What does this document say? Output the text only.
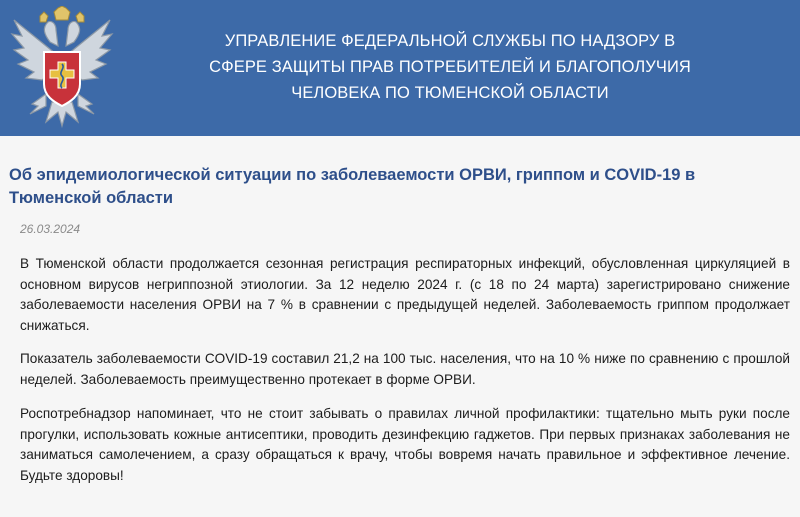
УПРАВЛЕНИЕ ФЕДЕРАЛЬНОЙ СЛУЖБЫ ПО НАДЗОРУ В
СФЕРЕ ЗАЩИТЫ ПРАВ ПОТРЕБИТЕЛЕЙ И БЛАГОПОЛУЧИЯ
ЧЕЛОВЕКА ПО ТЮМЕНСКОЙ ОБЛАСТИ
Об эпидемиологической ситуации по заболеваемости ОРВИ, гриппом и COVID-19 в Тюменской области
26.03.2024
В Тюменской области продолжается сезонная регистрация респираторных инфекций, обусловленная циркуляцией в основном вирусов негриппозной этиологии. За 12 неделю 2024 г. (с 18 по 24 марта) зарегистрировано снижение заболеваемости населения ОРВИ на 7 % в сравнении с предыдущей неделей. Заболеваемость гриппом продолжает снижаться.
Показатель заболеваемости COVID-19 составил 21,2 на 100 тыс. населения, что на 10 % ниже по сравнению с прошлой неделей. Заболеваемость преимущественно протекает в форме ОРВИ.
Роспотребнадзор напоминает, что не стоит забывать о правилах личной профилактики: тщательно мыть руки после прогулки, использовать кожные антисептики, проводить дезинфекцию гаджетов. При первых признаках заболевания не заниматься самолечением, а сразу обращаться к врачу, чтобы вовремя начать правильное и эффективное лечение. Будьте здоровы!
